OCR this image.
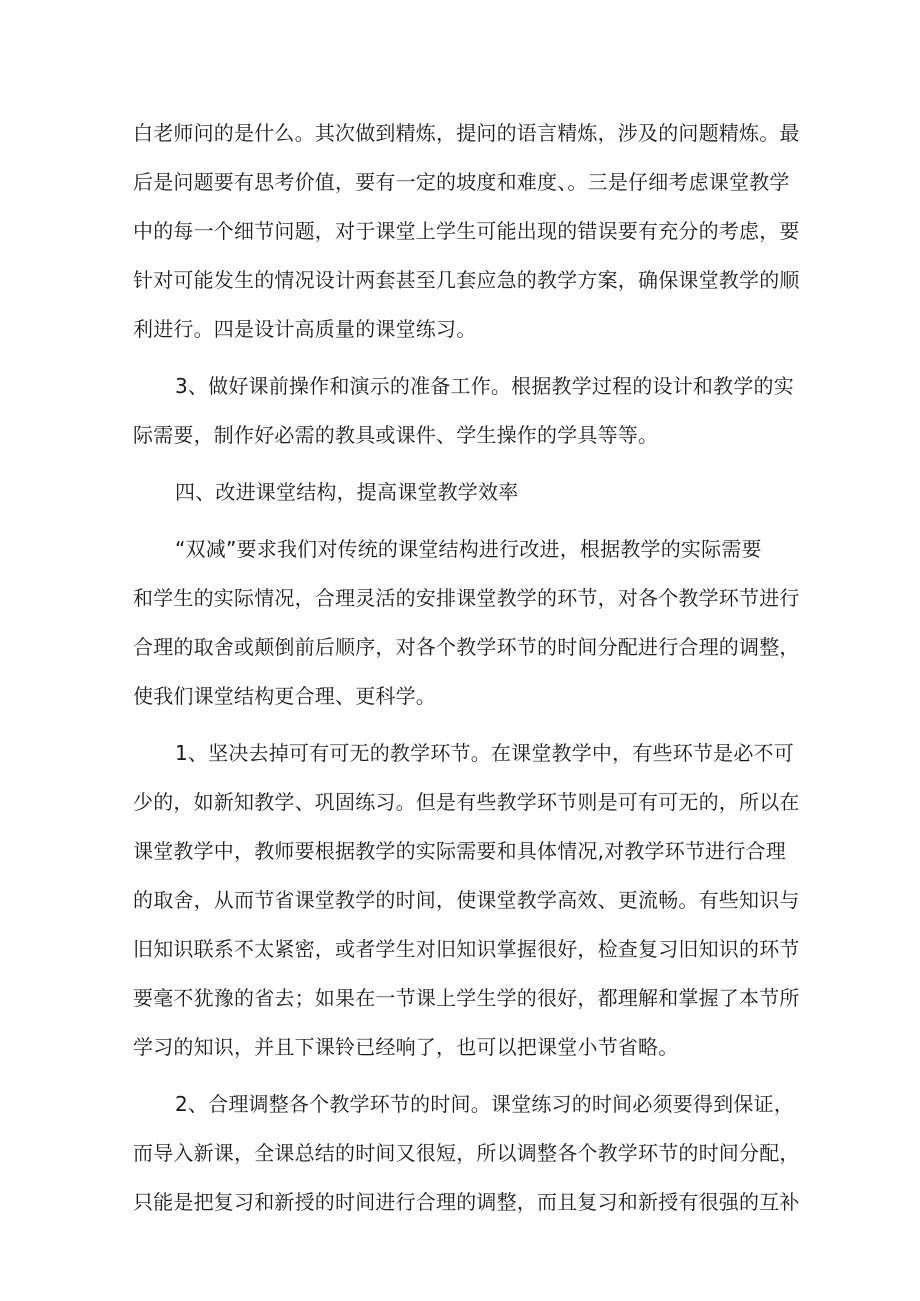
白老师问的是什么。其次做到精炼，提问的语言精炼，涉及的问题精炼。最
后是问题要有思考价值，要有一定的坡度和难度、。三是仔细考虑课堂教学
中的每一个细节问题，对于课堂上学生可能出现的错误要有充分的考虑，要
针对可能发生的情况设计两套甚至几套应急的教学方案，确保课堂教学的顺
利进行。四是设计高质量的课堂练习。
3、做好课前操作和演示的准备工作。根据教学过程的设计和教学的实
际需要，制作好必需的教具或课件、学生操作的学具等等。
四、改进课堂结构，提高课堂教学效率
“双减”要求我们对传统的课堂结构进行改进，根据教学的实际需要
和学生的实际情况，合理灵活的安排课堂教学的环节，对各个教学环节进行
合理的取舍或颠倒前后顺序，对各个教学环节的时间分配进行合理的调整，
使我们课堂结构更合理、更科学。
1、坚决去掉可有可无的教学环节。在课堂教学中，有些环节是必不可
少的，如新知教学、巩固练习。但是有些教学环节则是可有可无的，所以在
课堂教学中，教师要根据教学的实际需要和具体情况,对教学环节进行合理
的取舍，从而节省课堂教学的时间，使课堂教学高效、更流畅。有些知识与
旧知识联系不太紧密，或者学生对旧知识掌握很好，检查复习旧知识的环节
要毫不犹豫的省去；如果在一节课上学生学的很好，都理解和掌握了本节所
学习的知识，并且下课铃已经响了，也可以把课堂小节省略。
2、合理调整各个教学环节的时间。课堂练习的时间必须要得到保证，
而导入新课，全课总结的时间又很短，所以调整各个教学环节的时间分配，
只能是把复习和新授的时间进行合理的调整，而且复习和新授有很强的互补
